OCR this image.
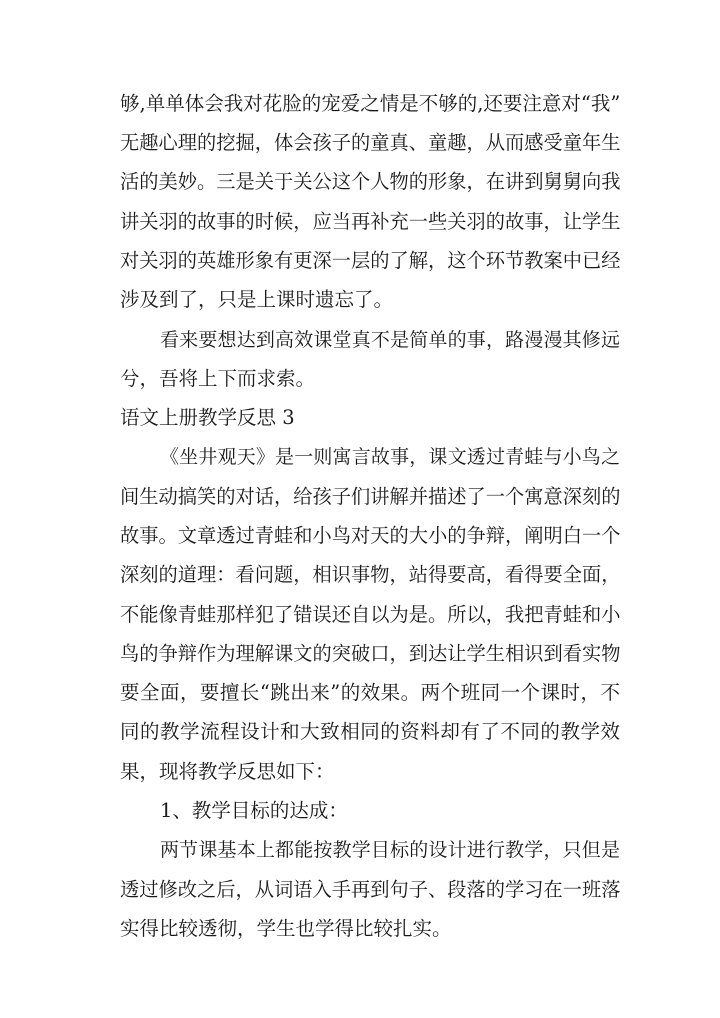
够,单单体会我对花脸的宠爱之情是不够的,还要注意对“我”
无趣心理的挖掘，体会孩子的童真、童趣，从而感受童年生
活的美妙。三是关于关公这个人物的形象，在讲到舅舅向我
讲关羽的故事的时候，应当再补充一些关羽的故事，让学生
对关羽的英雄形象有更深一层的了解，这个环节教案中已经
涉及到了，只是上课时遗忘了。
看来要想达到高效课堂真不是简单的事，路漫漫其修远
兮，吾将上下而求索。
语文上册教学反思 3
《坐井观天》是一则寓言故事，课文透过青蛙与小鸟之
间生动搞笑的对话，给孩子们讲解并描述了一个寓意深刻的
故事。文章透过青蛙和小鸟对天的大小的争辩，阐明白一个
深刻的道理：看问题，相识事物，站得要高，看得要全面，
不能像青蛙那样犯了错误还自以为是。所以，我把青蛙和小
鸟的争辩作为理解课文的突破口，到达让学生相识到看实物
要全面，要擅长“跳出来”的效果。两个班同一个课时，不
同的教学流程设计和大致相同的资料却有了不同的教学效
果，现将教学反思如下：
1、教学目标的达成：
两节课基本上都能按教学目标的设计进行教学，只但是
透过修改之后，从词语入手再到句子、段落的学习在一班落
实得比较透彻，学生也学得比较扎实。
